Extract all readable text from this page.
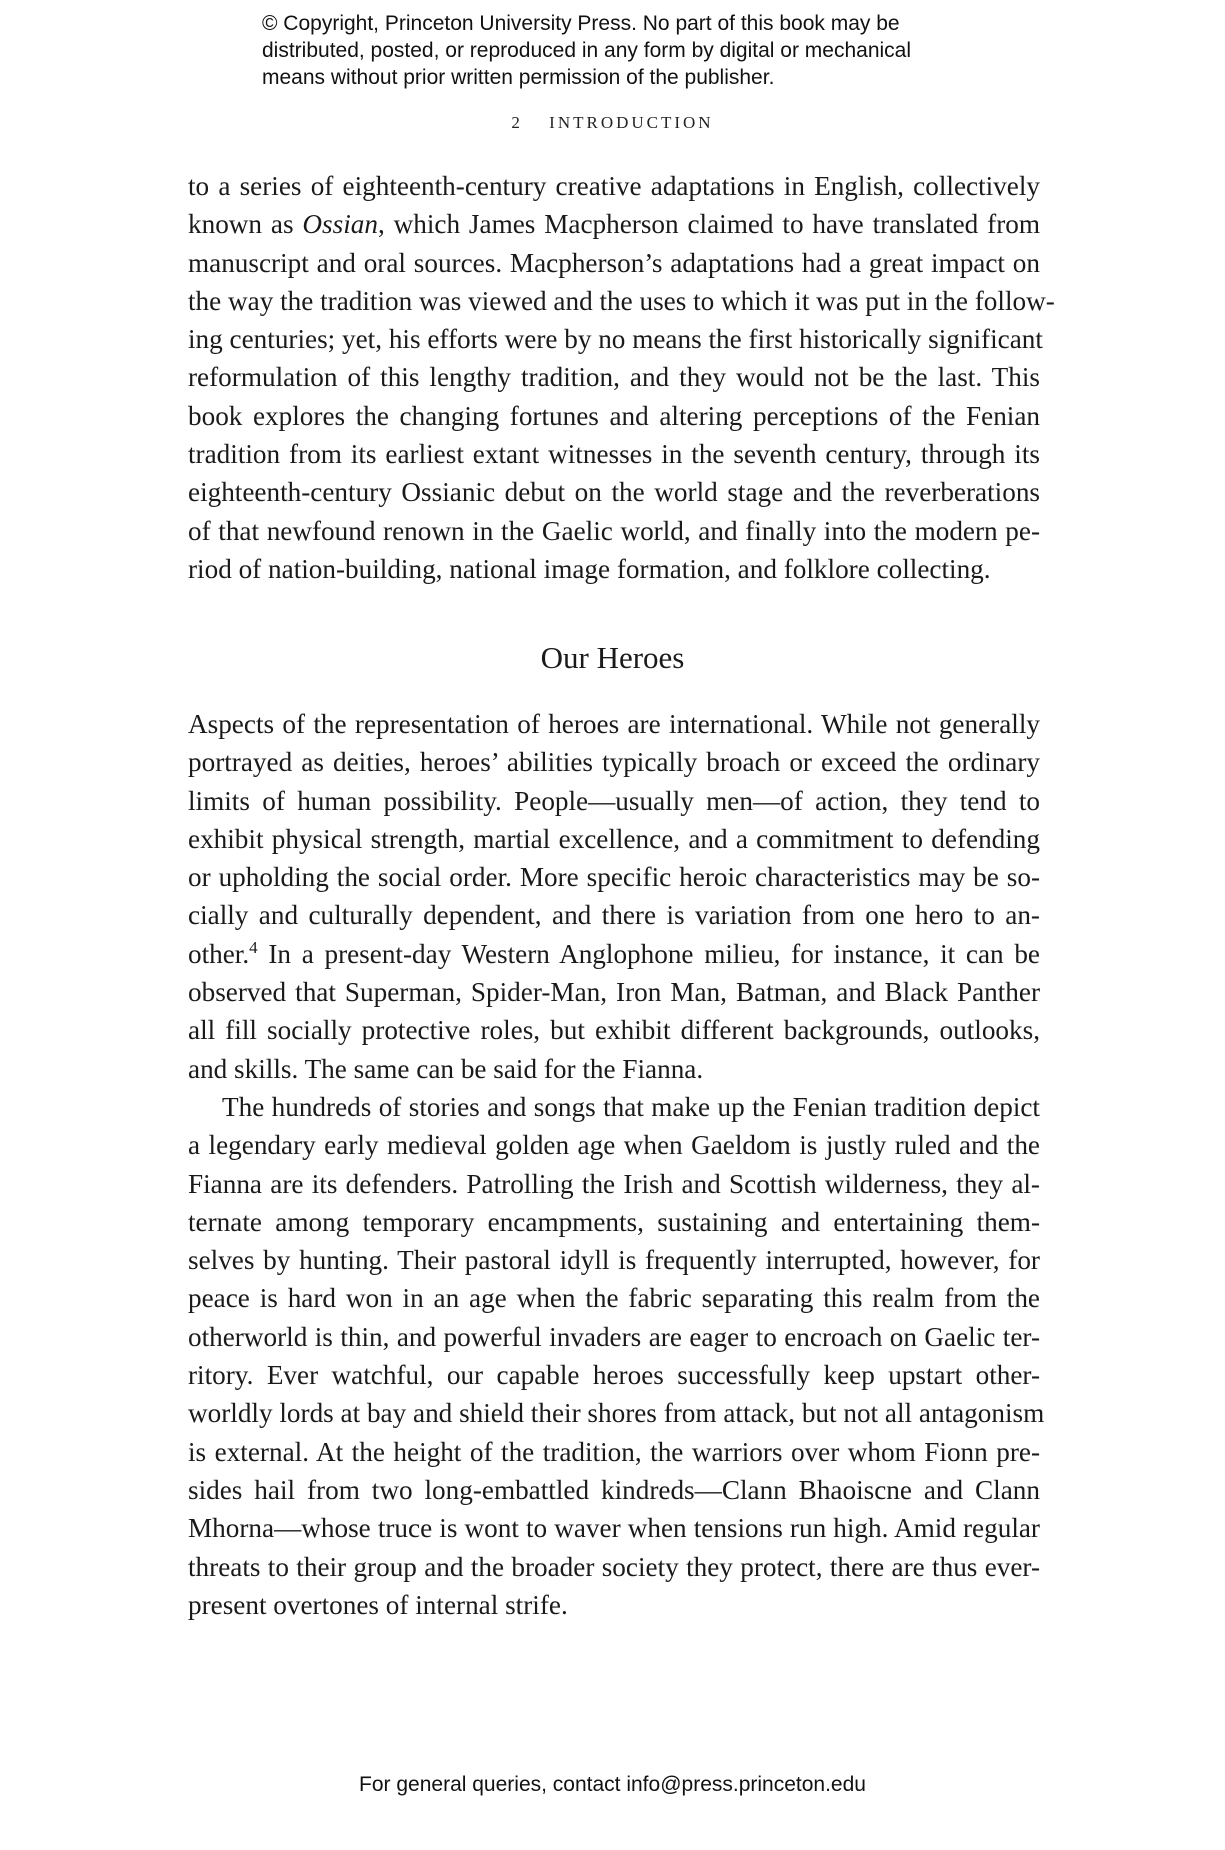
© Copyright, Princeton University Press. No part of this book may be
distributed, posted, or reproduced in any form by digital or mechanical
means without prior written permission of the publisher.
2 INTRODUCTION
to a series of eighteenth-century creative adaptations in English, collectively
known as Ossian, which James Macpherson claimed to have translated from
manuscript and oral sources. Macpherson’s adaptations had a great impact on
the way the tradition was viewed and the uses to which it was put in the follow-
ing centuries; yet, his efforts were by no means the first historically significant
reformulation of this lengthy tradition, and they would not be the last. This
book explores the changing fortunes and altering perceptions of the Fenian
tradition from its earliest extant witnesses in the seventh century, through its
eighteenth-century Ossianic debut on the world stage and the reverberations
of that newfound renown in the Gaelic world, and finally into the modern pe-
riod of nation-building, national image formation, and folklore collecting.
Our Heroes
Aspects of the representation of heroes are international. While not generally
portrayed as deities, heroes’ abilities typically broach or exceed the ordinary
limits of human possibility. People—usually men—of action, they tend to
exhibit physical strength, martial excellence, and a commitment to defending
or upholding the social order. More specific heroic characteristics may be so-
cially and culturally dependent, and there is variation from one hero to an-
other.$^4$ In a present-day Western Anglophone milieu, for instance, it can be
observed that Superman, Spider-Man, Iron Man, Batman, and Black Panther
all fill socially protective roles, but exhibit different backgrounds, outlooks,
and skills. The same can be said for the Fianna.
The hundreds of stories and songs that make up the Fenian tradition depict
a legendary early medieval golden age when Gaeldom is justly ruled and the
Fianna are its defenders. Patrolling the Irish and Scottish wilderness, they al-
ternate among temporary encampments, sustaining and entertaining them-
selves by hunting. Their pastoral idyll is frequently interrupted, however, for
peace is hard won in an age when the fabric separating this realm from the
otherworld is thin, and powerful invaders are eager to encroach on Gaelic ter-
ritory. Ever watchful, our capable heroes successfully keep upstart other-
worldly lords at bay and shield their shores from attack, but not all antagonism
is external. At the height of the tradition, the warriors over whom Fionn pre-
sides hail from two long-embattled kindreds—Clann Bhaoiscne and Clann
Mhorna—whose truce is wont to waver when tensions run high. Amid regular
threats to their group and the broader society they protect, there are thus ever-
present overtones of internal strife.
For general queries, contact info@press.princeton.edu
